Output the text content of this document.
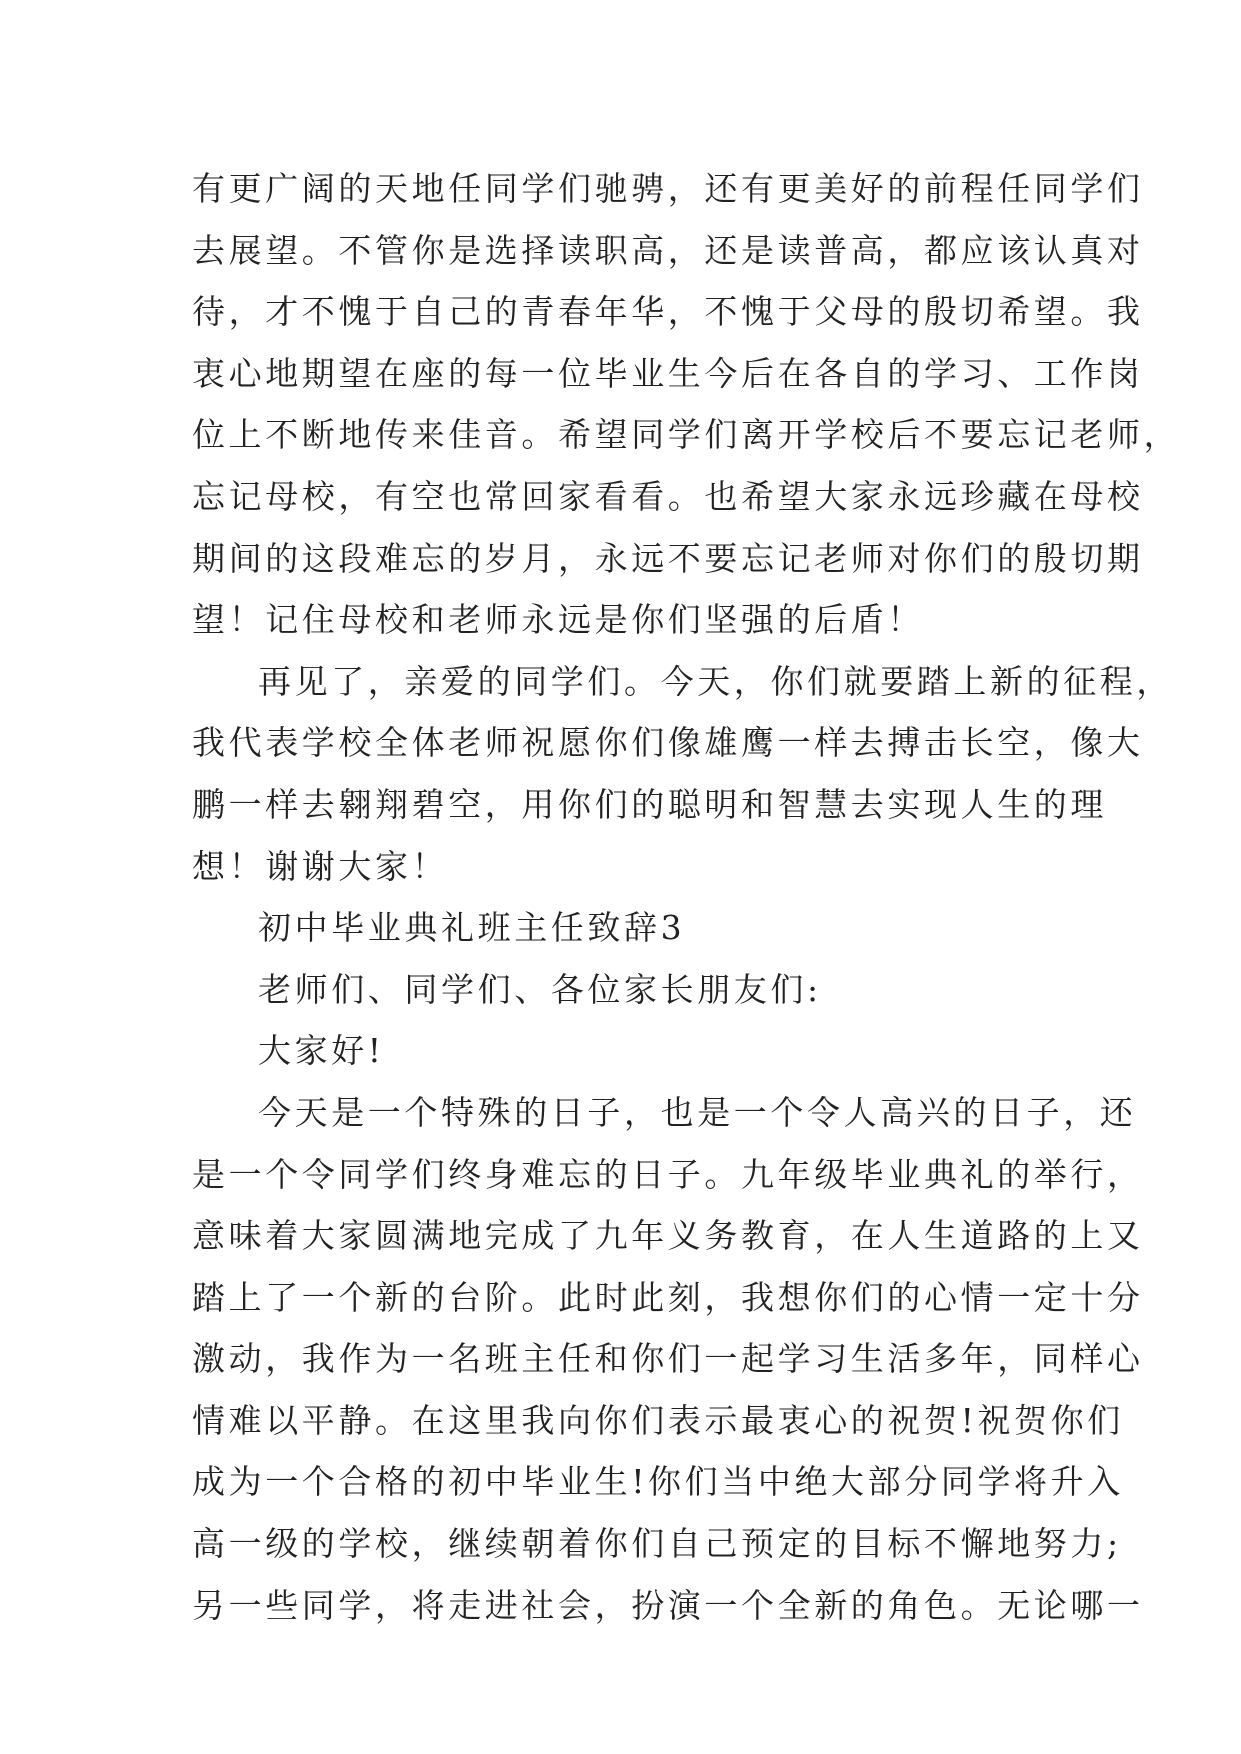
有更广阔的天地任同学们驰骋，还有更美好的前程任同学们
去展望。不管你是选择读职高，还是读普高，都应该认真对
待，才不愧于自己的青春年华，不愧于父母的殷切希望。我
衷心地期望在座的每一位毕业生今后在各自的学习、工作岗
位上不断地传来佳音。希望同学们离开学校后不要忘记老师，
忘记母校，有空也常回家看看。也希望大家永远珍藏在母校
期间的这段难忘的岁月，永远不要忘记老师对你们的殷切期
望！记住母校和老师永远是你们坚强的后盾！
再见了，亲爱的同学们。今天，你们就要踏上新的征程，
我代表学校全体老师祝愿你们像雄鹰一样去搏击长空，像大
鹏一样去翱翔碧空，用你们的聪明和智慧去实现人生的理
想！谢谢大家！
初中毕业典礼班主任致辞3
老师们、同学们、各位家长朋友们:
大家好!
今天是一个特殊的日子，也是一个令人高兴的日子，还
是一个令同学们终身难忘的日子。九年级毕业典礼的举行，
意味着大家圆满地完成了九年义务教育，在人生道路的上又
踏上了一个新的台阶。此时此刻，我想你们的心情一定十分
激动，我作为一名班主任和你们一起学习生活多年，同样心
情难以平静。在这里我向你们表示最衷心的祝贺!祝贺你们
成为一个合格的初中毕业生!你们当中绝大部分同学将升入
高一级的学校，继续朝着你们自己预定的目标不懈地努力;
另一些同学，将走进社会，扮演一个全新的角色。无论哪一
